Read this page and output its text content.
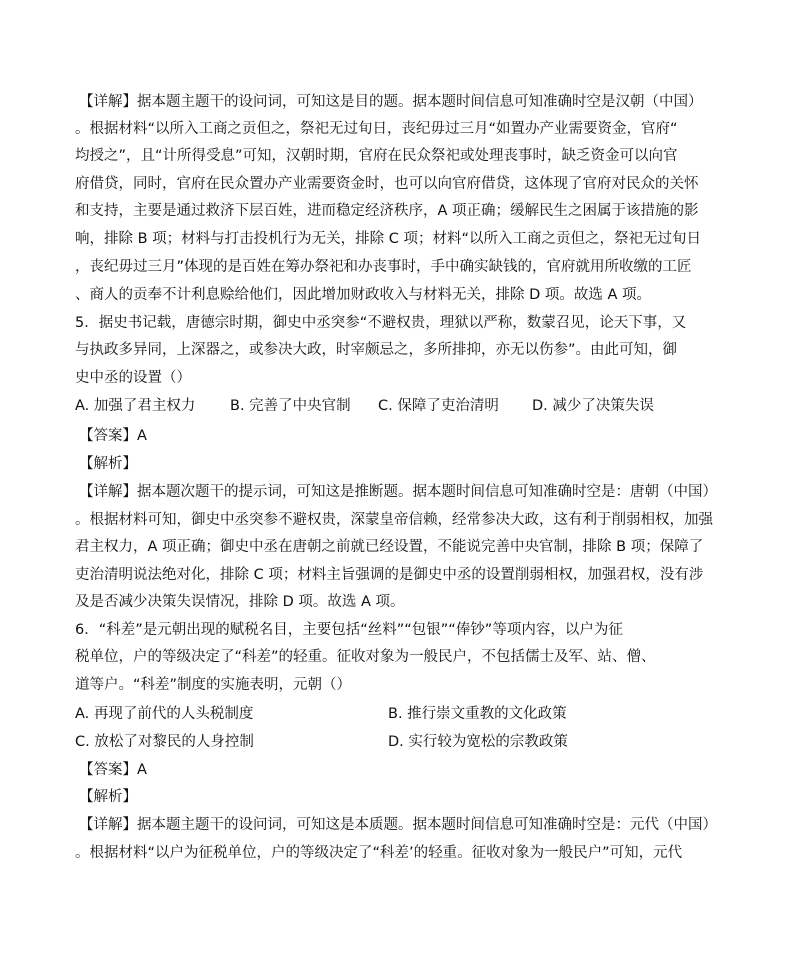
【详解】据本题主题干的设问词，可知这是目的题。据本题时间信息可知准确时空是汉朝（中国）
。根据材料“以所入工商之贡但之，祭祀无过旬日，丧纪毋过三月“如置办产业需要资金，官府“
均授之”，且“计所得受息”可知，汉朝时期，官府在民众祭祀或处理丧事时，缺乏资金可以向官
府借贷，同时，官府在民众置办产业需要资金时，也可以向官府借贷，这体现了官府对民众的关怀
和支持，主要是通过救济下层百姓，进而稳定经济秩序，A 项正确；缓解民生之困属于该措施的影
响，排除 B 项；材料与打击投机行为无关，排除 C 项；材料“以所入工商之贡但之，祭祀无过旬日
，丧纪毋过三月”体现的是百姓在筹办祭祀和办丧事时，手中确实缺钱的，官府就用所收缴的工匠
、商人的贡奉不计利息赊给他们，因此增加财政收入与材料无关，排除 D 项。故选 A 项。
5．据史书记载，唐德宗时期，御史中丞突参“不避权贵，理狱以严称，数蒙召见，论天下事，又
与执政多异同，上深器之，或参决大政，时宰颇忌之，多所排抑，亦无以伤参”。由此可知，御
史中丞的设置（）
A. 加强了君主权力 B. 完善了中央官制 C. 保障了吏治清明 D. 减少了决策失误
【答案】A
【解析】
【详解】据本题次题干的提示词，可知这是推断题。据本题时间信息可知准确时空是：唐朝（中国）
。根据材料可知，御史中丞突参不避权贵，深蒙皇帝信赖，经常参决大政，这有利于削弱相权，加强
君主权力，A 项正确；御史中丞在唐朝之前就已经设置，不能说完善中央官制，排除 B 项；保障了
吏治清明说法绝对化，排除 C 项；材料主旨强调的是御史中丞的设置削弱相权，加强君权，没有涉
及是否减少决策失误情况，排除 D 项。故选 A 项。
6．“科差”是元朝出现的赋税名目，主要包括“丝料”“包银”“俸钞”等项内容，以户为征
税单位，户的等级决定了“科差”的轻重。征收对象为一般民户，不包括儒士及军、站、僧、
道等户。“科差”制度的实施表明，元朝（）
A. 再现了前代的人头税制度	B. 推行崇文重教的文化政策
C. 放松了对黎民的人身控制	D. 实行较为宽松的宗教政策
【答案】A
【解析】
【详解】据本题主题干的设问词，可知这是本质题。据本题时间信息可知准确时空是：元代（中国）
。根据材料“以户为征税单位，户的等级决定了“科差’的轻重。征收对象为一般民户”可知，元代
